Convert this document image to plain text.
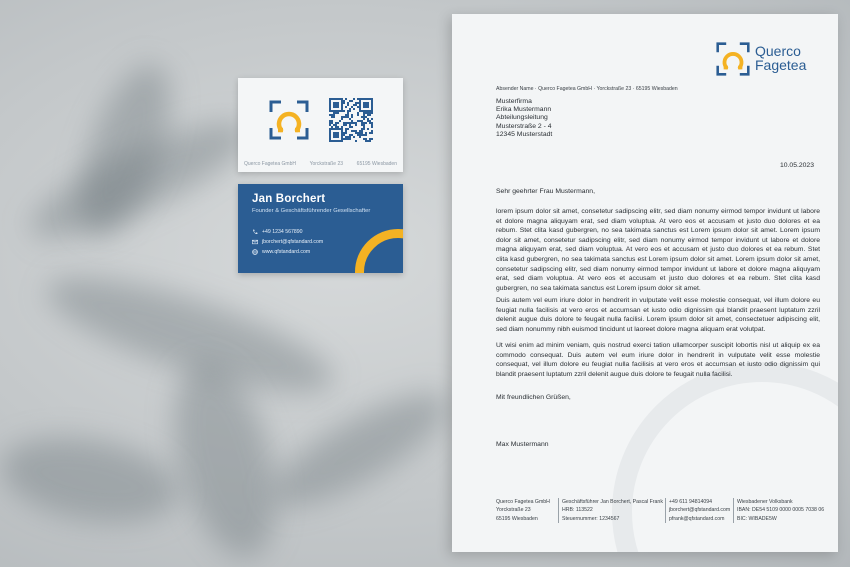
Querco Fagetea GmbH	Yorckstraße 23	65195 Wiesbaden
Jan Borchert
Founder & Geschäftsführender Gesellschafter
+49 1234 567890
jborchert@qfstandard.com
www.qfstandard.com
Querco
Fagetea
Absender Name · Querco Fagetea GmbH · Yorckstraße 23 · 65195 Wiesbaden
Musterfirma
Erika Mustermann
Abteilungsleitung
Musterstraße 2 - 4
12345 Musterstadt
10.05.2023
Sehr geehrter Frau Mustermann,
lorem ipsum dolor sit amet, consetetur sadipscing elitr, sed diam nonumy eirmod tempor invidunt ut labore et dolore magna aliquyam erat, sed diam voluptua. At vero eos et accusam et justo duo dolores et ea rebum. Stet clita kasd gubergren, no sea takimata sanctus est Lorem ipsum dolor sit amet. Lorem ipsum dolor sit amet, consetetur sadipscing elitr, sed diam nonumy eirmod tempor invidunt ut labore et dolore magna aliquyam erat, sed diam voluptua. At vero eos et accusam et justo duo dolores et ea rebum. Stet clita kasd gubergren, no sea takimata sanctus est Lorem ipsum dolor sit amet. Lorem ipsum dolor sit amet, consetetur sadipscing elitr, sed diam nonumy eirmod tempor invidunt ut labore et dolore magna aliquyam erat, sed diam voluptua. At vero eos et accusam et justo duo dolores et ea rebum. Stet clita kasd gubergren, no sea takimata sanctus est Lorem ipsum dolor sit amet.
Duis autem vel eum iriure dolor in hendrerit in vulputate velit esse molestie consequat, vel illum dolore eu feugiat nulla facilisis at vero eros et accumsan et iusto odio dignissim qui blandit praesent luptatum zzril delenit augue duis dolore te feugait nulla facilisi. Lorem ipsum dolor sit amet, consectetuer adipiscing elit, sed diam nonummy nibh euismod tincidunt ut laoreet dolore magna aliquam erat volutpat.
Ut wisi enim ad minim veniam, quis nostrud exerci tation ullamcorper suscipit lobortis nisl ut aliquip ex ea commodo consequat. Duis autem vel eum iriure dolor in hendrerit in vulputate velit esse molestie consequat, vel illum dolore eu feugiat nulla facilisis at vero eros et accumsan et iusto odio dignissim qui blandit praesent luptatum zzril delenit augue duis dolore te feugait nulla facilisi.
Mit freundlichen Grüßen,
Max Mustermann
Querco Fagetea GmbH
Yorckstraße 23
65195 Wiesbaden
Geschäftsführer Jan Borchert, Pascal Frank
HRB: 113522
Steuernummer: 1234567
+49 611 94814094
jborchert@qfstandard.com
pfrank@qfstandard.com
Wiesbadener Volksbank
IBAN: DE54 5109 0000 0005 7038 06
BIC: WIBADE5W
